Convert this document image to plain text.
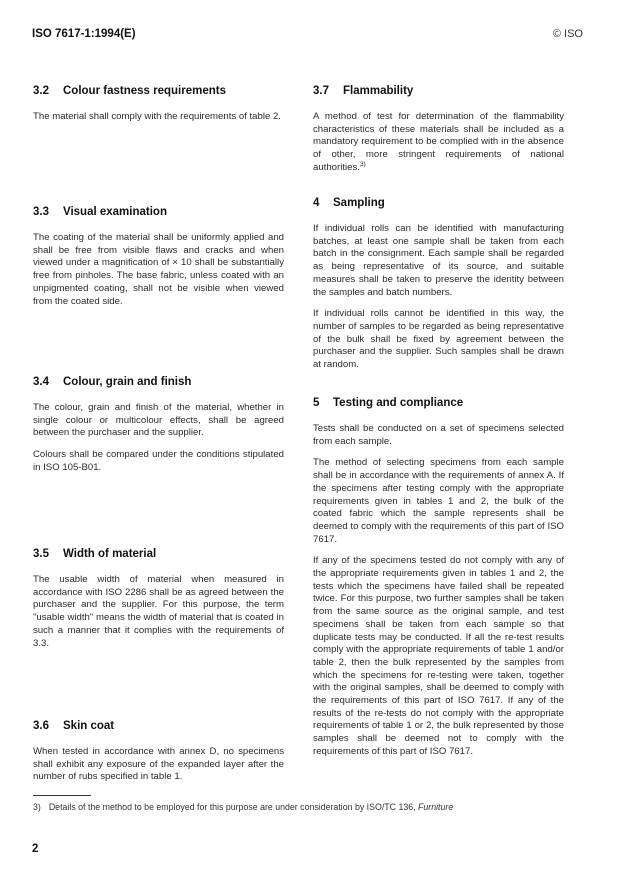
ISO 7617-1:1994(E)	© ISO
3.2 Colour fastness requirements

The material shall comply with the requirements of table 2.

3.3 Visual examination

The coating of the material shall be uniformly applied and shall be free from visible flaws and cracks and when viewed under a magnification of × 10 shall be substantially free from pinholes. The base fabric, unless coated with an unpigmented coating, shall not be visible when viewed from the coated side.

3.4 Colour, grain and finish

The colour, grain and finish of the material, whether in single colour or multicolour effects, shall be agreed between the purchaser and the supplier.

Colours shall be compared under the conditions stipulated in ISO 105-B01.

3.5 Width of material

The usable width of material when measured in accordance with ISO 2286 shall be as agreed between the purchaser and the supplier. For this purpose, the term "usable width" means the width of material that is coated in such a manner that it complies with the requirements of 3.3.

3.6 Skin coat

When tested in accordance with annex D, no specimens shall exhibit any exposure of the expanded layer after the number of rubs specified in table 1.

3.7 Flammability

A method of test for determination of the flammability characteristics of these materials shall be included as a mandatory requirement to be complied with in the absence of other, more stringent requirements of national authorities.$^{3)}$

4 Sampling

If individual rolls can be identified with manufacturing batches, at least one sample shall be taken from each batch in the consignment. Each sample shall be regarded as being representative of its source, and suitable measures shall be taken to preserve the identity between the samples and batch numbers.

If individual rolls cannot be identified in this way, the number of samples to be regarded as being representative of the bulk shall be fixed by agreement between the purchaser and the supplier. Such samples shall be drawn at random.

5 Testing and compliance

Tests shall be conducted on a set of specimens selected from each sample.

The method of selecting specimens from each sample shall be in accordance with the requirements of annex A. If the specimens after testing comply with the appropriate requirements given in tables 1 and 2, the bulk of the coated fabric which the sample represents shall be deemed to comply with the requirements of this part of ISO 7617.

If any of the specimens tested do not comply with any of the appropriate requirements given in tables 1 and 2, the tests which the specimens have failed shall be repeated twice. For this purpose, two further samples shall be taken from the same source as the original sample, and test specimens shall be taken from each sample so that duplicate tests may be conducted. If all the re-test results comply with the appropriate requirements of table 1 and/or table 2, then the bulk represented by the samples from which the specimens for re-testing were taken, together with the original samples, shall be deemed to comply with the requirements of this part of ISO 7617. If any of the results of the re-tests do not comply with the appropriate requirements of table 1 or 2, the bulk represented by those samples shall be deemed not to comply with the requirements of this part of ISO 7617.

3) Details of the method to be employed for this purpose are under consideration by ISO/TC 136, Furniture
2
